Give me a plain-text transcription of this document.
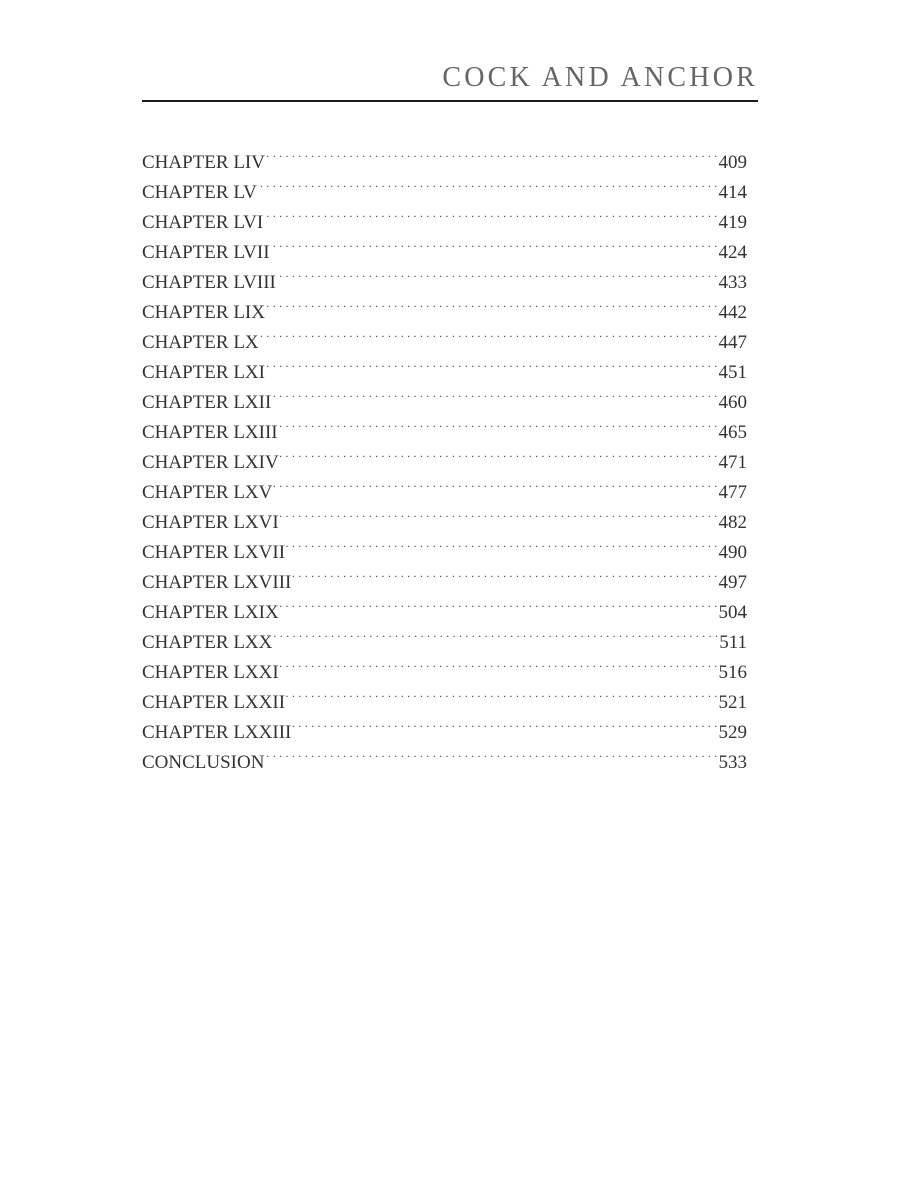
COCK AND ANCHOR
CHAPTER LIV . . .	409
CHAPTER LV . . .	414
CHAPTER LVI . . .	419
CHAPTER LVII . . .	424
CHAPTER LVIII . . .	433
CHAPTER LIX . . .	442
CHAPTER LX . . .	447
CHAPTER LXI . . .	451
CHAPTER LXII . . .	460
CHAPTER LXIII . . .	465
CHAPTER LXIV . . .	471
CHAPTER LXV . . .	477
CHAPTER LXVI . . .	482
CHAPTER LXVII . . .	490
CHAPTER LXVIII . . .	497
CHAPTER LXIX . . .	504
CHAPTER LXX . . .	511
CHAPTER LXXI . . .	516
CHAPTER LXXII . . .	521
CHAPTER LXXIII . . .	529
CONCLUSION . . .	533
